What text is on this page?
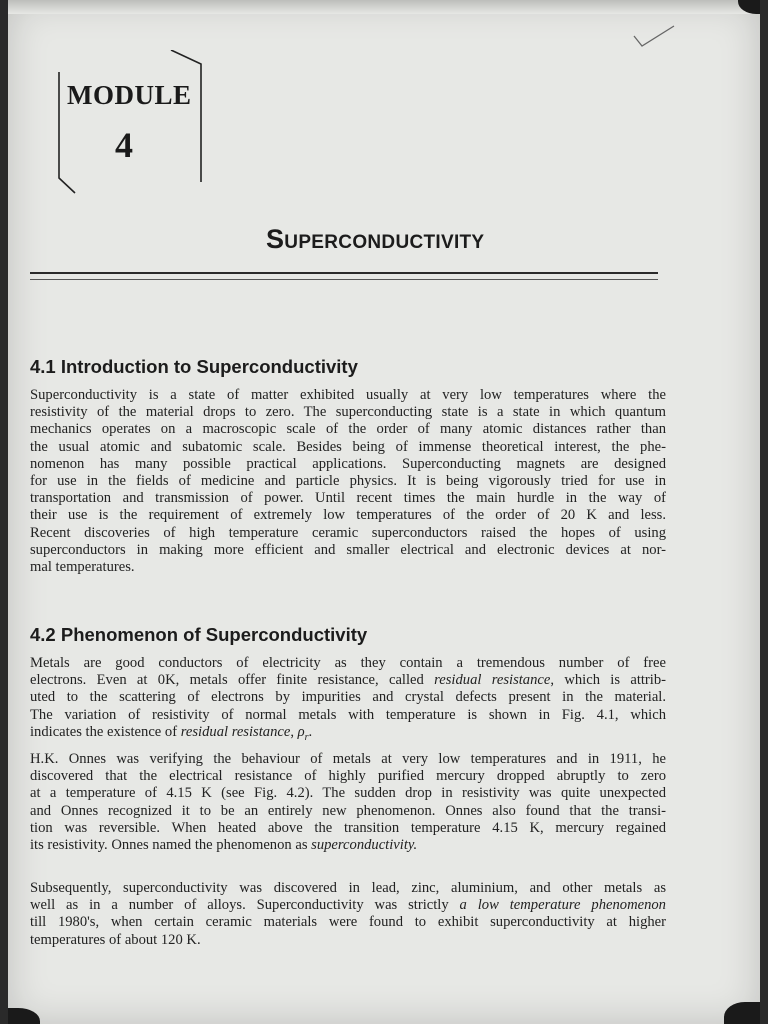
MODULE
4
Superconductivity
4.1 Introduction to Superconductivity
Superconductivity is a state of matter exhibited usually at very low temperatures where the
resistivity of the material drops to zero. The superconducting state is a state in which quantum
mechanics operates on a macroscopic scale of the order of many atomic distances rather than
the usual atomic and subatomic scale. Besides being of immense theoretical interest, the phe-
nomenon has many possible practical applications. Superconducting magnets are designed
for use in the fields of medicine and particle physics. It is being vigorously tried for use in
transportation and transmission of power. Until recent times the main hurdle in the way of
their use is the requirement of extremely low temperatures of the order of 20 K and less.
Recent discoveries of high temperature ceramic superconductors raised the hopes of using
superconductors in making more efficient and smaller electrical and electronic devices at nor-
mal temperatures.
4.2 Phenomenon of Superconductivity
Metals are good conductors of electricity as they contain a tremendous number of free
electrons. Even at 0K, metals offer finite resistance, called residual resistance, which is attrib-
uted to the scattering of electrons by impurities and crystal defects present in the material.
The variation of resistivity of normal metals with temperature is shown in Fig. 4.1, which
indicates the existence of residual resistance, $\rho_r$.
H.K. Onnes was verifying the behaviour of metals at very low temperatures and in 1911, he
discovered that the electrical resistance of highly purified mercury dropped abruptly to zero
at a temperature of 4.15 K (see Fig. 4.2). The sudden drop in resistivity was quite unexpected
and Onnes recognized it to be an entirely new phenomenon. Onnes also found that the transi-
tion was reversible. When heated above the transition temperature 4.15 K, mercury regained
its resistivity. Onnes named the phenomenon as superconductivity.
Subsequently, superconductivity was discovered in lead, zinc, aluminium, and other metals as
well as in a number of alloys. Superconductivity was strictly a low temperature phenomenon
till 1980's, when certain ceramic materials were found to exhibit superconductivity at higher
temperatures of about 120 K.
